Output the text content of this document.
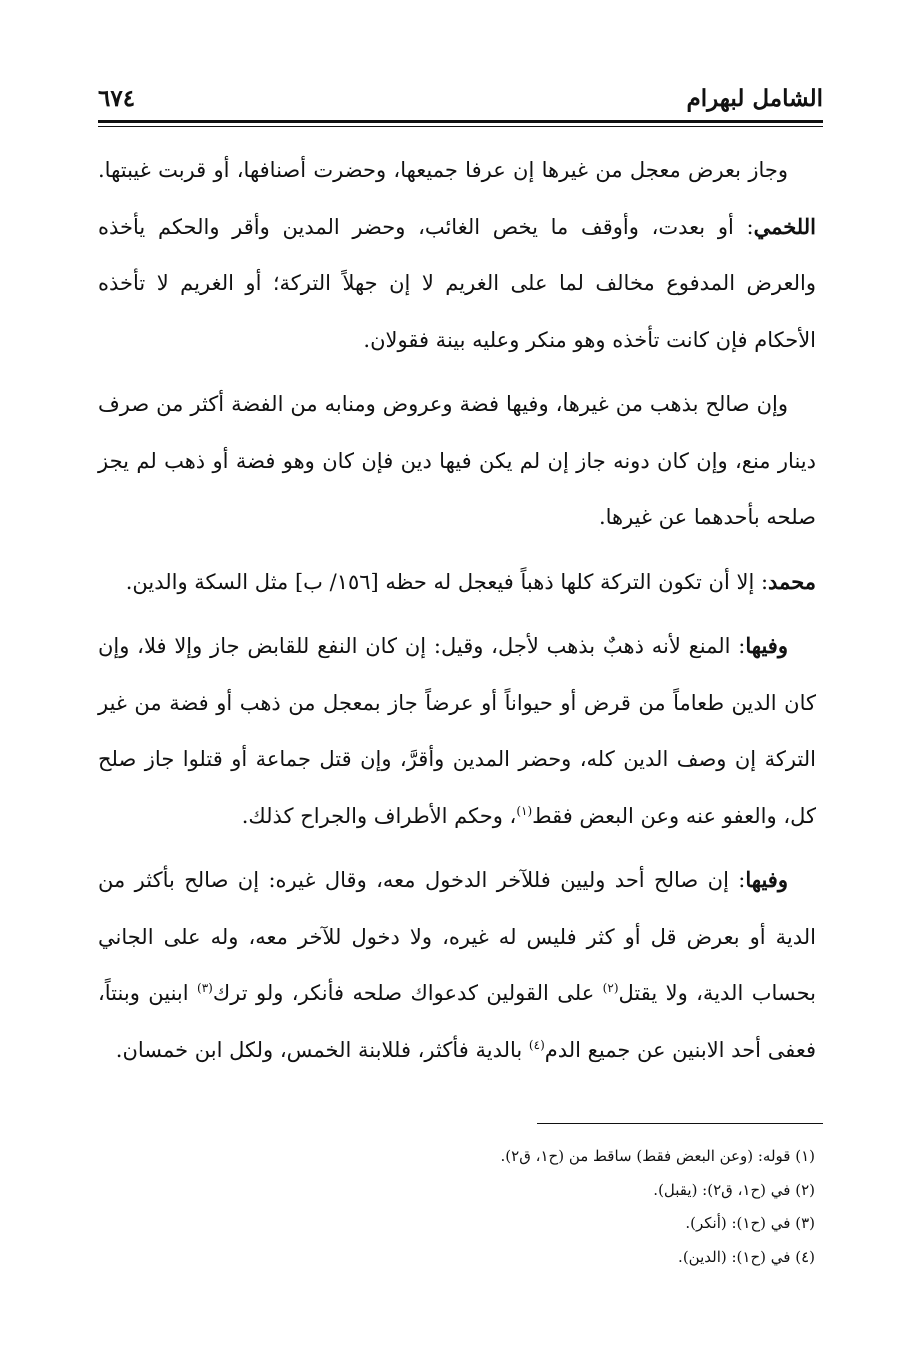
الشامل لبهرام
٦٧٤

وجاز بعرض معجل من غيرها إن عرفا جميعها، وحضرت أصنافها، أو قربت غيبتها. اللخمي: أو بعدت، وأوقف ما يخص الغائب، وحضر المدين وأقر والحكم يأخذه والعرض المدفوع مخالف لما على الغريم لا إن جهلاً التركة؛ أو الغريم لا تأخذه الأحكام فإن كانت تأخذه وهو منكر وعليه بينة فقولان.

وإن صالح بذهب من غيرها، وفيها فضة وعروض ومنابه من الفضة أكثر من صرف دينار منع، وإن كان دونه جاز إن لم يكن فيها دين فإن كان وهو فضة أو ذهب لم يجز صلحه بأحدهما عن غيرها.

محمد: إلا أن تكون التركة كلها ذهباً فيعجل له حظه [١٥٦/ ب] مثل السكة والدين.

وفيها: المنع لأنه ذهبٌ بذهب لأجل، وقيل: إن كان النفع للقابض جاز وإلا فلا، وإن كان الدين طعاماً من قرض أو حيواناً أو عرضاً جاز بمعجل من ذهب أو فضة من غير التركة إن وصف الدين كله، وحضر المدين وأقرَّ، وإن قتل جماعة أو قتلوا جاز صلح كل، والعفو عنه وعن البعض فقط$^{(١)}$، وحكم الأطراف والجراح كذلك.

وفيها: إن صالح أحد وليين فللآخر الدخول معه، وقال غيره: إن صالح بأكثر من الدية أو بعرض قل أو كثر فليس له غيره، ولا دخول للآخر معه، وله على الجاني بحساب الدية، ولا يقتل$^{(٢)}$ على القولين كدعواك صلحه فأنكر، ولو ترك$^{(٣)}$ ابنين وبنتاً، فعفى أحد الابنين عن جميع الدم$^{(٤)}$ بالدية فأكثر، فللابنة الخمس، ولكل ابن خمسان.

(١) قوله: (وعن البعض فقط) ساقط من (ح١، ق٢).

(٢) في (ح١، ق٢): (يقبل).

(٣) في (ح١): (أنكر).

(٤) في (ح١): (الدين).
